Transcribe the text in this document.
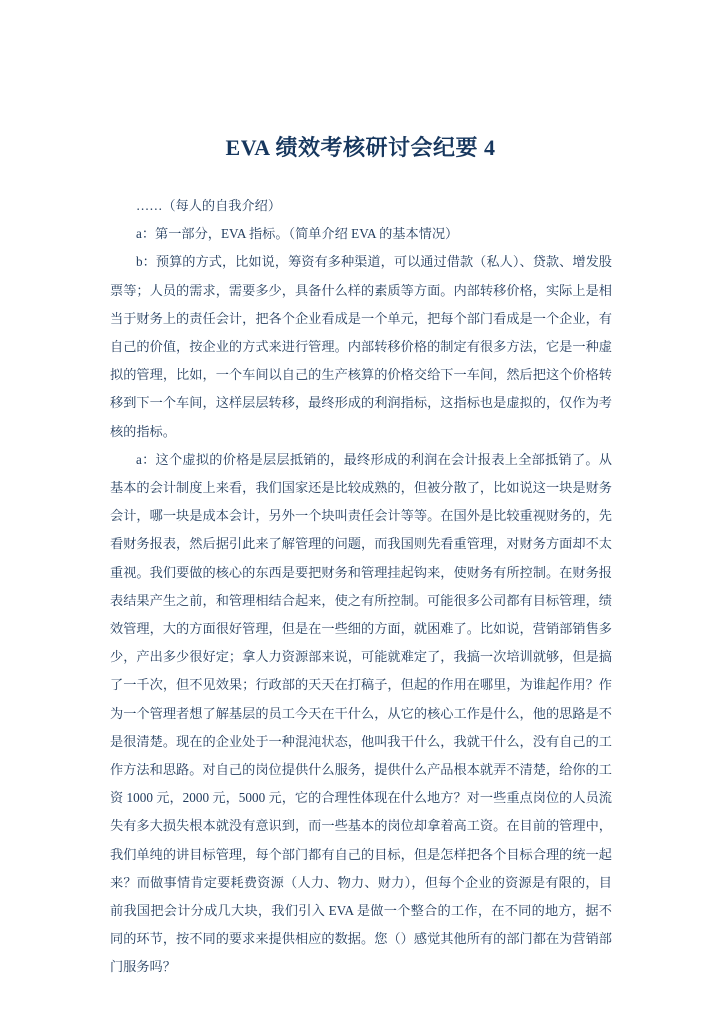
EVA 绩效考核研讨会纪要 4

……（每人的自我介绍）

a：第一部分，EVA 指标。（简单介绍 EVA 的基本情况）

b：预算的方式，比如说，筹资有多种渠道，可以通过借款（私人）、贷款、增发股票等；人员的需求，需要多少，具备什么样的素质等方面。内部转移价格，实际上是相当于财务上的责任会计，把各个企业看成是一个单元，把每个部门看成是一个企业，有自己的价值，按企业的方式来进行管理。内部转移价格的制定有很多方法，它是一种虚拟的管理，比如，一个车间以自己的生产核算的价格交给下一车间，然后把这个价格转移到下一个车间，这样层层转移，最终形成的利润指标，这指标也是虚拟的，仅作为考核的指标。

a：这个虚拟的价格是层层抵销的，最终形成的利润在会计报表上全部抵销了。从基本的会计制度上来看，我们国家还是比较成熟的，但被分散了，比如说这一块是财务会计，哪一块是成本会计，另外一个块叫责任会计等等。在国外是比较重视财务的，先看财务报表，然后据引此来了解管理的问题，而我国则先看重管理，对财务方面却不太重视。我们要做的核心的东西是要把财务和管理挂起钩来，使财务有所控制。在财务报表结果产生之前，和管理相结合起来，使之有所控制。可能很多公司都有目标管理，绩效管理，大的方面很好管理，但是在一些细的方面，就困难了。比如说，营销部销售多少，产出多少很好定；拿人力资源部来说，可能就难定了，我搞一次培训就够，但是搞了一千次，但不见效果；行政部的天天在打稿子，但起的作用在哪里，为谁起作用？作为一个管理者想了解基层的员工今天在干什么，从它的核心工作是什么，他的思路是不是很清楚。现在的企业处于一种混沌状态，他叫我干什么，我就干什么，没有自己的工作方法和思路。对自己的岗位提供什么服务，提供什么产品根本就弄不清楚，给你的工资 1000 元，2000 元，5000 元，它的合理性体现在什么地方？对一些重点岗位的人员流失有多大损失根本就没有意识到，而一些基本的岗位却拿着高工资。在目前的管理中，我们单纯的讲目标管理，每个部门都有自己的目标，但是怎样把各个目标合理的统一起来？而做事情肯定要耗费资源（人力、物力、财力），但每个企业的资源是有限的，目前我国把会计分成几大块，我们引入 EVA 是做一个整合的工作，在不同的地方，据不同的环节，按不同的要求来提供相应的数据。您（）感觉其他所有的部门都在为营销部门服务吗？
